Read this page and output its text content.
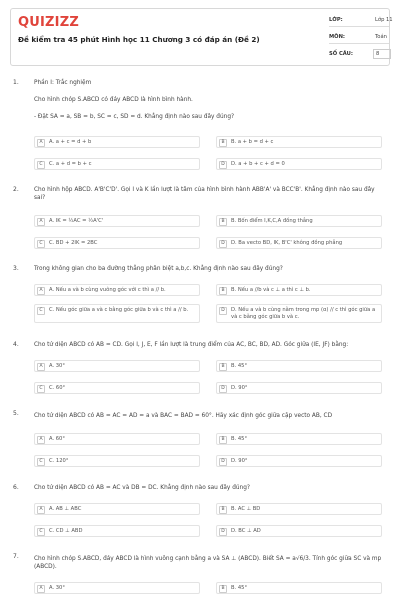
QUIZIZZ
Đề kiểm tra 45 phút Hình học 11 Chương 3 có đáp án (Đề 2)
LỚP:	Lớp 11
MÔN:	Toán
SỐ CÂU:	8
1.	Phần I: Trắc nghiệm
Cho hình chóp S.ABCD có đáy ABCD là hình bình hành.
- Đặt SA = a, SB = b, SC = c, SD = d. Khẳng định nào sau đây đúng?
A	A. a + c = d + b	B	B. a + b = d + c
C	C. a + d = b + c	D	D. a + b + c + d = 0
2.	Cho hình hộp ABCD. A'B'C'D'. Gọi I và K lần lượt là tâm của hình bình hành ABB'A' và BCC'B'. Khẳng định nào sau đây sai?
A	A. IK = ½AC = ½A'C'	B	B. Bốn điểm I,K,C,A đồng thẳng
C	C. BD + 2IK = 2BC	D	D. Ba vecto BD, IK, B'C' không đồng phẳng
3.	Trong không gian cho ba đường thẳng phân biệt a,b,c. Khẳng định nào sau đây đúng?
A	A. Nếu a và b cùng vuông góc với c thì a // b.	B	B. Nếu a //b và c ⊥ a thì c ⊥ b.
C	C. Nếu góc giữa a và c bằng góc giữa b và c thì a // b.	D	D. Nếu a và b cùng nằm trong mp (α) // c thì góc giữa a và c bằng góc giữa b và c.
4.	Cho tứ diện ABCD có AB = CD. Gọi I, J, E, F lần lượt là trung điểm của AC, BC, BD, AD. Góc giữa (IE, JF) bằng:
A	A. 30°	B	B. 45°
C	C. 60°	D	D. 90°
5.	Cho tứ diện ABCD có AB = AC = AD = a và BAC = BAD = 60°. Hãy xác định góc giữa cặp vecto AB, CD
A	A. 60°	B	B. 45°
C	C. 120°	D	D. 90°
6.	Cho tứ diện ABCD có AB = AC và DB = DC. Khẳng định nào sau đây đúng?
A	A. AB ⊥ ABC	B	B. AC ⊥ BD
C	C. CD ⊥ ABD	D	D. BC ⊥ AD
7.	Cho hình chóp S.ABCD, đáy ABCD là hình vuông cạnh bằng a và SA ⊥ (ABCD). Biết SA = a√6/3. Tính góc giữa SC và mp (ABCD).
A	A. 30°	B	B. 45°
